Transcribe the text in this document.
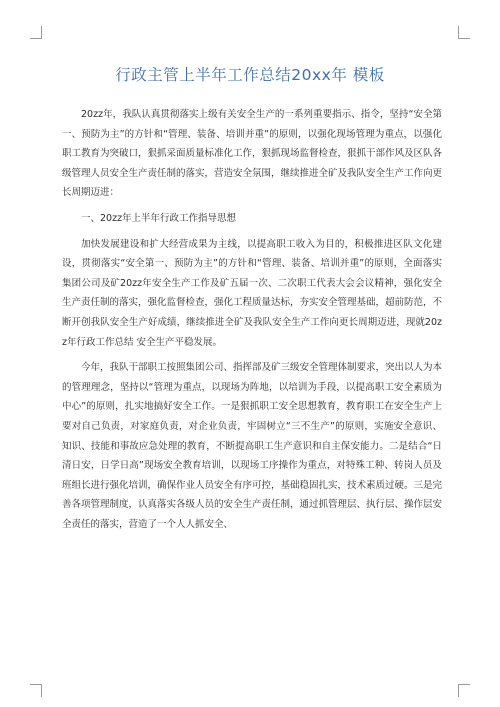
行政主管上半年工作总结20xx年 模板

20zz年，我队认真贯彻落实上级有关安全生产的一系列重要指示、指令，坚持“安全第一、预防为主”的方针和“管理、装备、培训并重”的原则，以强化现场管理为重点，以强化职工教育为突破口，狠抓采面质量标准化工作，狠抓现场监督检查，狠抓干部作风及区队各级管理人员安全生产责任制的落实，营造安全氛围，继续推进全矿及我队安全生产工作向更长周期迈进：

一、20zz年上半年行政工作指导思想

加快发展建设和扩大经营成果为主线，以提高职工收入为目的，积极推进区队文化建设，贯彻落实“安全第一、预防为主”的方针和“管理、装备、培训并重”的原则，全面落实集团公司及矿20zz年安全生产工作及矿五届一次、二次职工代表大会会议精神，强化安全生产责任制的落实，强化监督检查，强化工程质量达标，夯实安全管理基础，超前防范，不断开创我队安全生产好成绩，继续推进全矿及我队安全生产工作向更长周期迈进，现就20zz年行政工作总结 安全生产平稳发展。

今年，我队干部职工按照集团公司、指挥部及矿三级安全管理体制要求，突出以人为本的管理理念，坚持以“管理为重点，以现场为阵地，以培训为手段，以提高职工安全素质为中心”的原则，扎实地搞好安全工作。一是狠抓职工安全思想教育，教育职工在安全生产上要对自己负责，对家庭负责，对企业负责，牢固树立“三不生产”的原则，实施安全意识、知识、技能和事故应急处理的教育，不断提高职工生产意识和自主保安能力。二是结合“日清日安，日学日高”现场安全教育培训，以现场工序操作为重点，对特殊工种、转岗人员及班组长进行强化培训，确保作业人员安全有序可控，基础稳固扎实，技术素质过硬。三是完善各项管理制度，认真落实各级人员的安全生产责任制，通过抓管理层、执行层、操作层安全责任的落实，营造了一个人人抓安全、
